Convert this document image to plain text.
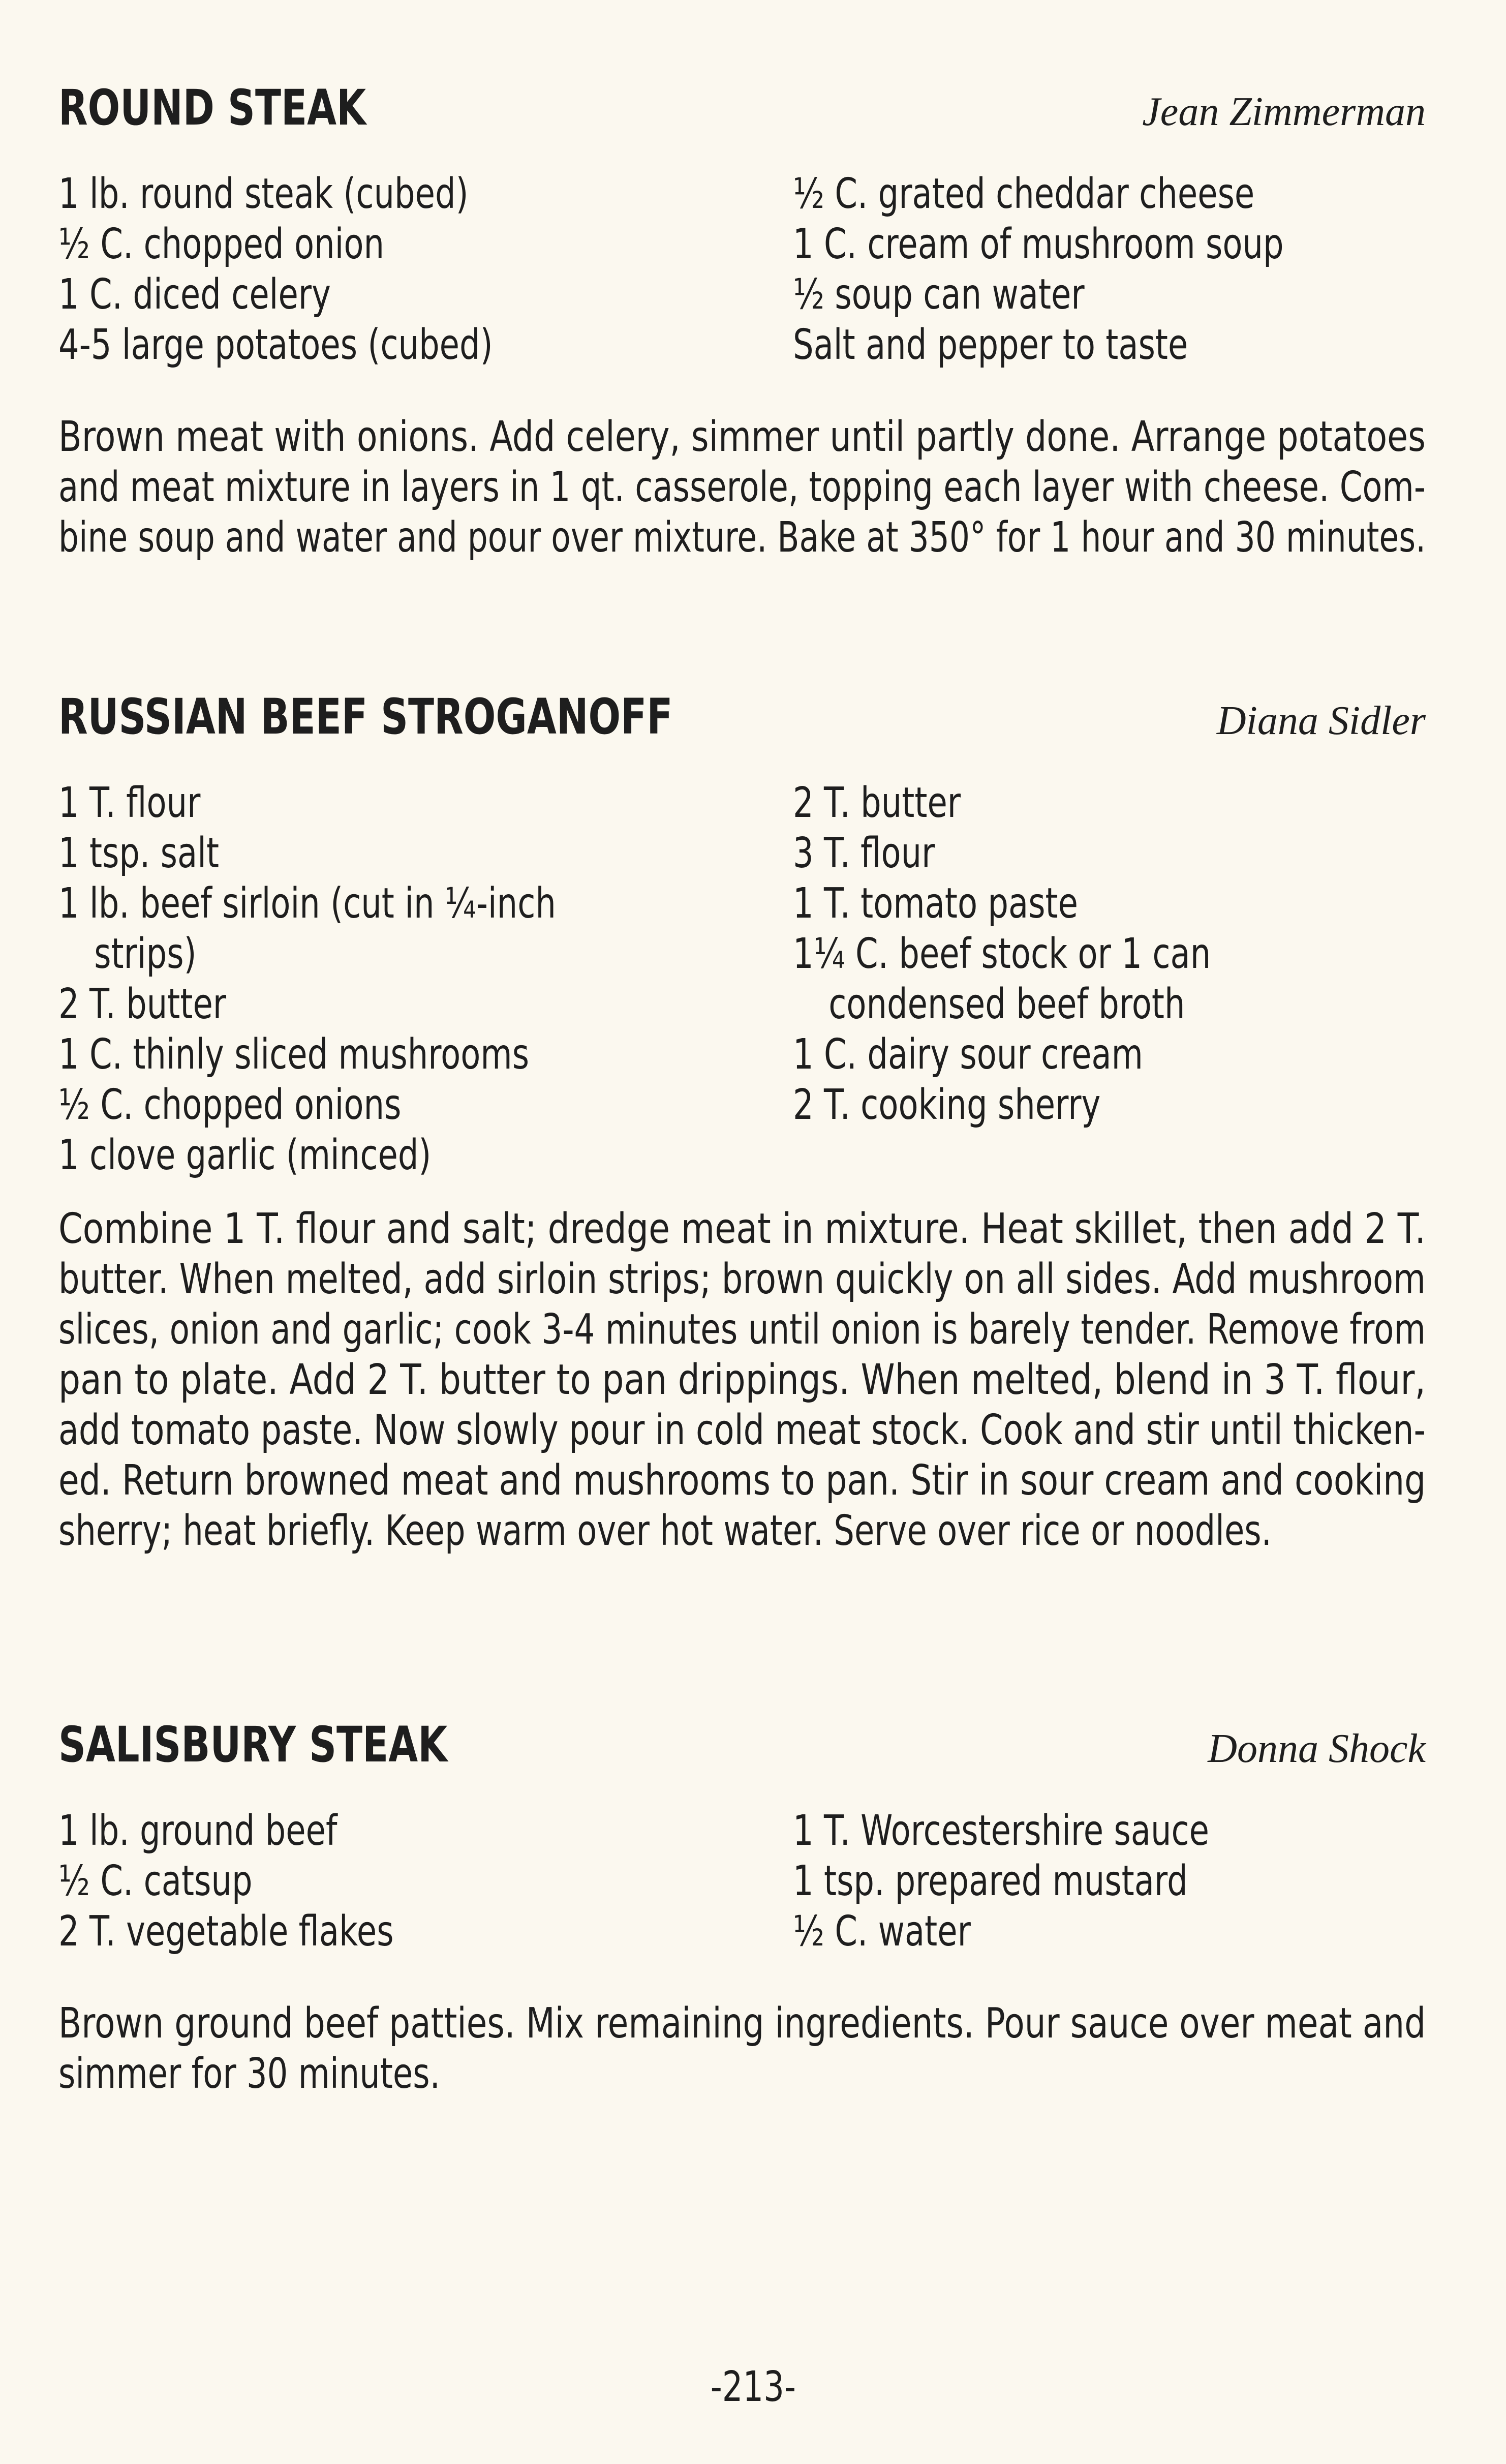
ROUND STEAK	Jean Zimmerman
1 lb. round steak (cubed)
½ C. chopped onion
1 C. diced celery
4-5 large potatoes (cubed)
½ C. grated cheddar cheese
1 C. cream of mushroom soup
½ soup can water
Salt and pepper to taste
Brown meat with onions. Add celery, simmer until partly done. Arrange potatoes
and meat mixture in layers in 1 qt. casserole, topping each layer with cheese. Com-
bine soup and water and pour over mixture. Bake at 350° for 1 hour and 30 minutes.
RUSSIAN BEEF STROGANOFF	Diana Sidler
1 T. flour
1 tsp. salt
1 lb. beef sirloin (cut in ¼-inch
strips)
2 T. butter
1 C. thinly sliced mushrooms
½ C. chopped onions
1 clove garlic (minced)
2 T. butter
3 T. flour
1 T. tomato paste
1¼ C. beef stock or 1 can
condensed beef broth
1 C. dairy sour cream
2 T. cooking sherry
Combine 1 T. flour and salt; dredge meat in mixture. Heat skillet, then add 2 T.
butter. When melted, add sirloin strips; brown quickly on all sides. Add mushroom
slices, onion and garlic; cook 3-4 minutes until onion is barely tender. Remove from
pan to plate. Add 2 T. butter to pan drippings. When melted, blend in 3 T. flour,
add tomato paste. Now slowly pour in cold meat stock. Cook and stir until thicken-
ed. Return browned meat and mushrooms to pan. Stir in sour cream and cooking
sherry; heat briefly. Keep warm over hot water. Serve over rice or noodles.
SALISBURY STEAK	Donna Shock
1 lb. ground beef
½ C. catsup
2 T. vegetable flakes
1 T. Worcestershire sauce
1 tsp. prepared mustard
½ C. water
Brown ground beef patties. Mix remaining ingredients. Pour sauce over meat and
simmer for 30 minutes.
-213-
